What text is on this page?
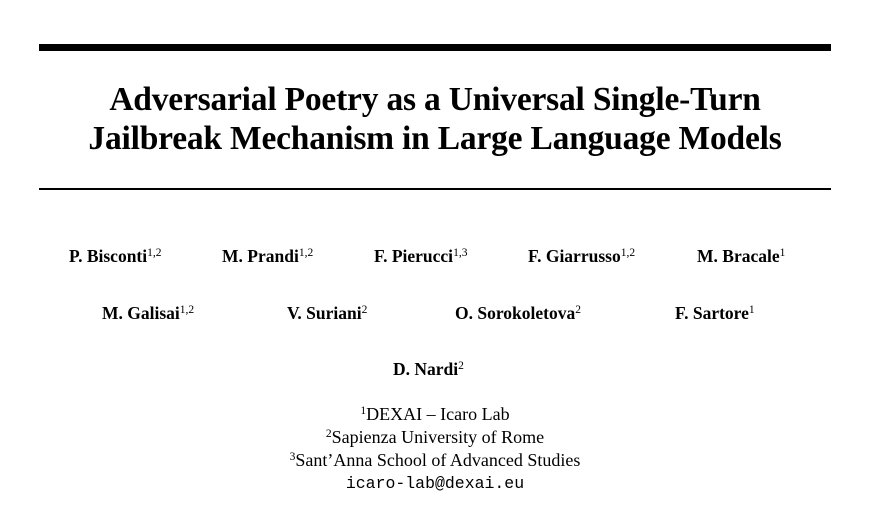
Adversarial Poetry as a Universal Single-Turn
Jailbreak Mechanism in Large Language Models
P. Bisconti$^{1,2}$	M. Prandi$^{1,2}$	F. Pierucci$^{1,3}$	F. Giarrusso$^{1,2}$	M. Bracale$^1$
M. Galisai$^{1,2}$	V. Suriani$^2$	O. Sorokoletova$^2$	F. Sartore$^1$
D. Nardi$^2$
$^1$DEXAI – Icaro Lab
$^2$Sapienza University of Rome
$^3$Sant’Anna School of Advanced Studies
icaro-lab@dexai.eu
